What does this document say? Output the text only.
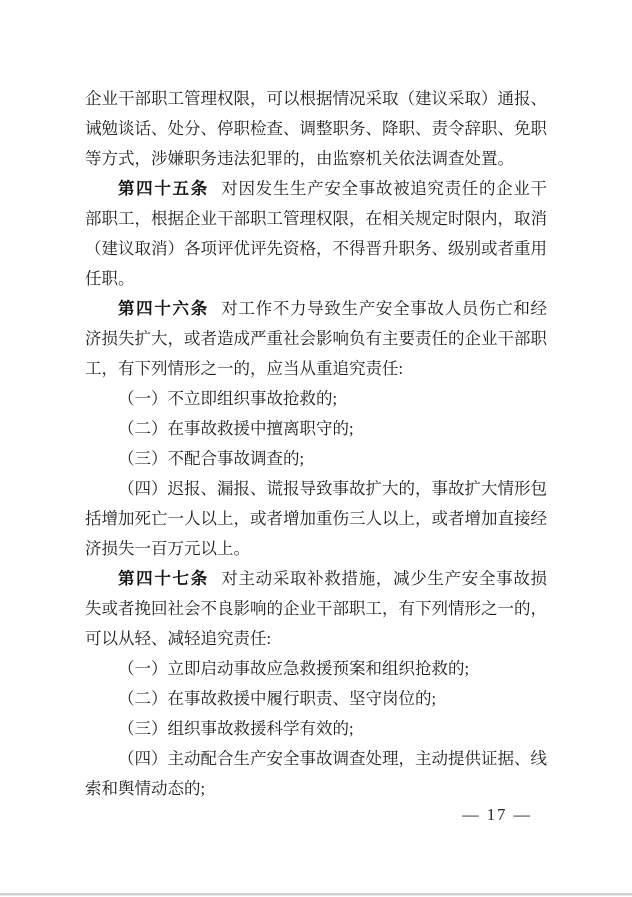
企业干部职工管理权限，可以根据情况采取（建议采取）通报、诫勉谈话、处分、停职检查、调整职务、降职、责令辞职、免职等方式，涉嫌职务违法犯罪的，由监察机关依法调查处置。

第四十五条 对因发生生产安全事故被追究责任的企业干部职工，根据企业干部职工管理权限，在相关规定时限内，取消（建议取消）各项评优评先资格，不得晋升职务、级别或者重用任职。

第四十六条 对工作不力导致生产安全事故人员伤亡和经济损失扩大，或者造成严重社会影响负有主要责任的企业干部职工，有下列情形之一的，应当从重追究责任:

（一）不立即组织事故抢救的;

（二）在事故救援中擅离职守的;

（三）不配合事故调查的;

（四）迟报、漏报、谎报导致事故扩大的，事故扩大情形包括增加死亡一人以上，或者增加重伤三人以上，或者增加直接经济损失一百万元以上。

第四十七条 对主动采取补救措施，减少生产安全事故损失或者挽回社会不良影响的企业干部职工，有下列情形之一的，可以从轻、减轻追究责任:

（一）立即启动事故应急救援预案和组织抢救的;

（二）在事故救援中履行职责、坚守岗位的;

（三）组织事故救援科学有效的;

（四）主动配合生产安全事故调查处理，主动提供证据、线索和舆情动态的;

— 17 —
